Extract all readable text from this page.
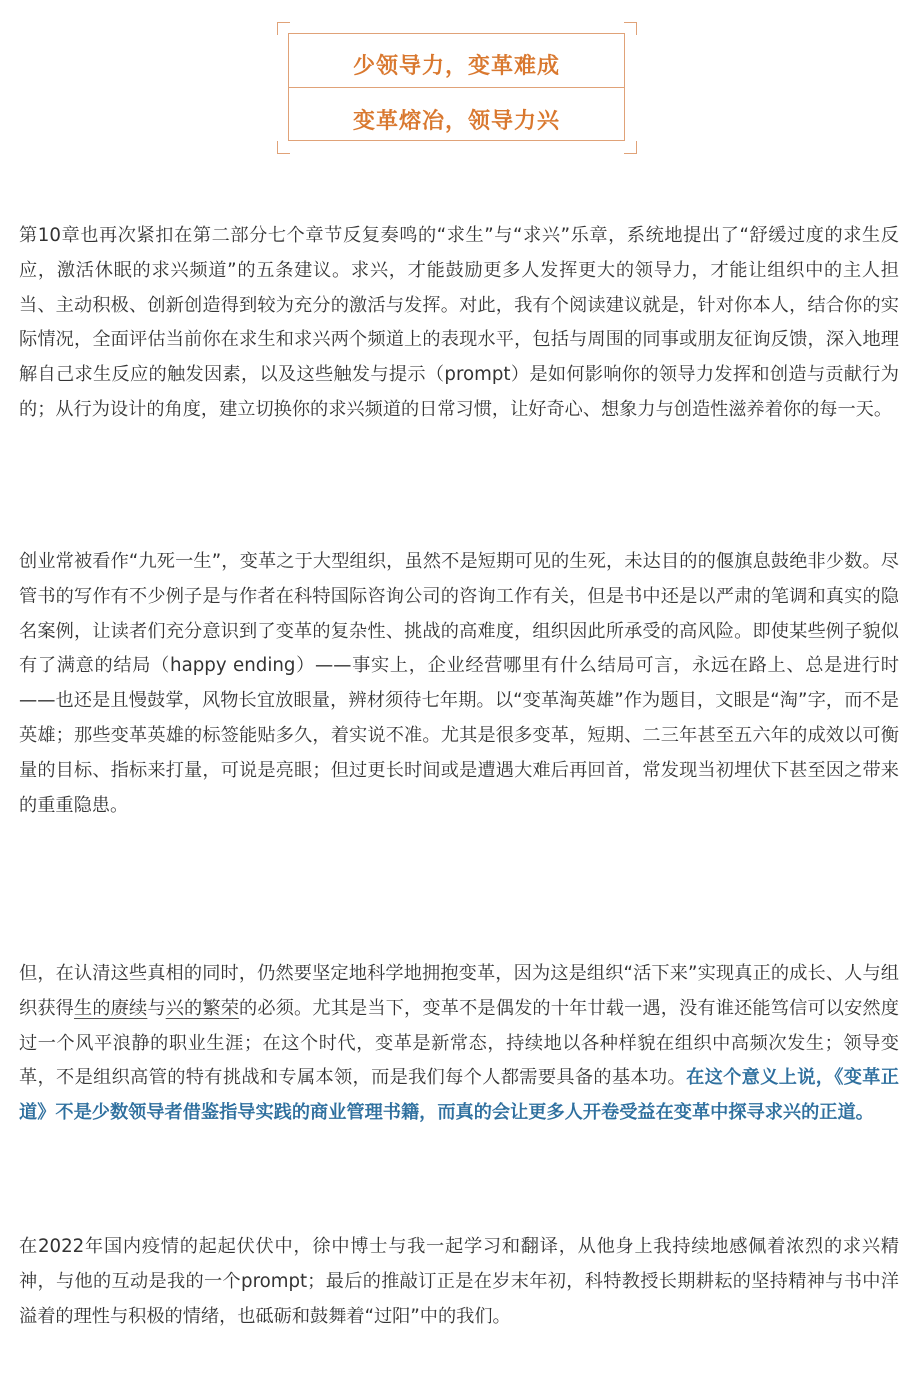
少领导力，变革难成
变革熔冶，领导力兴

第10章也再次紧扣在第二部分七个章节反复奏鸣的“求生”与“求兴”乐章，系统地提出了“舒缓过度的求生反应，激活休眠的求兴频道”的五条建议。求兴，才能鼓励更多人发挥更大的领导力，才能让组织中的主人担当、主动积极、创新创造得到较为充分的激活与发挥。对此，我有个阅读建议就是，针对你本人，结合你的实际情况，全面评估当前你在求生和求兴两个频道上的表现水平，包括与周围的同事或朋友征询反馈，深入地理解自己求生反应的触发因素，以及这些触发与提示（prompt）是如何影响你的领导力发挥和创造与贡献行为的；从行为设计的角度，建立切换你的求兴频道的日常习惯，让好奇心、想象力与创造性滋养着你的每一天。

创业常被看作“九死一生”，变革之于大型组织，虽然不是短期可见的生死，未达目的的偃旗息鼓绝非少数。尽管书的写作有不少例子是与作者在科特国际咨询公司的咨询工作有关，但是书中还是以严肃的笔调和真实的隐名案例，让读者们充分意识到了变革的复杂性、挑战的高难度，组织因此所承受的高风险。即使某些例子貌似有了满意的结局（happy ending）——事实上，企业经营哪里有什么结局可言，永远在路上、总是进行时——也还是且慢鼓掌，风物长宜放眼量，辨材须待七年期。以“变革淘英雄”作为题目，文眼是“淘”字，而不是英雄；那些变革英雄的标签能贴多久，着实说不准。尤其是很多变革，短期、二三年甚至五六年的成效以可衡量的目标、指标来打量，可说是亮眼；但过更长时间或是遭遇大难后再回首，常发现当初埋伏下甚至因之带来的重重隐患。

但，在认清这些真相的同时，仍然要坚定地科学地拥抱变革，因为这是组织“活下来”实现真正的成长、人与组织获得生的赓续与兴的繁荣的必须。尤其是当下，变革不是偶发的十年廿载一遇，没有谁还能笃信可以安然度过一个风平浪静的职业生涯；在这个时代，变革是新常态，持续地以各种样貌在组织中高频次发生；领导变革，不是组织高管的特有挑战和专属本领，而是我们每个人都需要具备的基本功。在这个意义上说，《变革正道》不是少数领导者借鉴指导实践的商业管理书籍，而真的会让更多人开卷受益在变革中探寻求兴的正道。

在2022年国内疫情的起起伏伏中，徐中博士与我一起学习和翻译，从他身上我持续地感佩着浓烈的求兴精神，与他的互动是我的一个prompt；最后的推敲订正是在岁末年初，科特教授长期耕耘的坚持精神与书中洋溢着的理性与积极的情绪，也砥砺和鼓舞着“过阳”中的我们。
